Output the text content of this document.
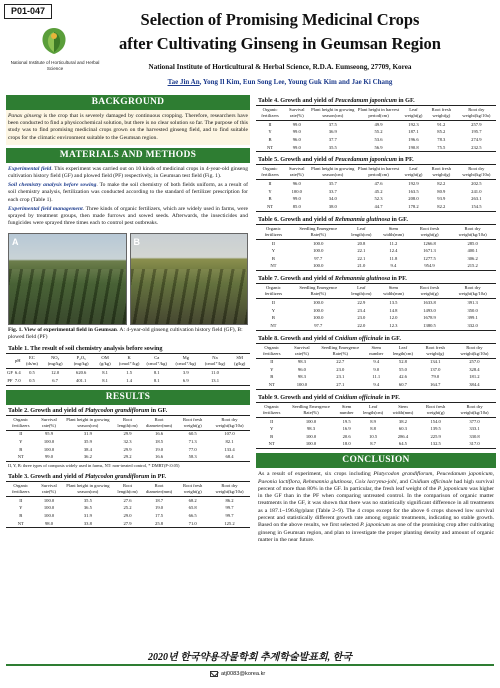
P01-047
National Institute of Horticultural and Herbal Science
Selection of Promising Medicinal Crops
after Cultivating Ginseng in Geumsan Region
National Institute of Horticultural & Herbal Science, R.D.A. Eumseong, 27709, Korea
Tae Jin An, Yong Il Kim, Eun Song Lee, Young Guk Kim and Jae Ki Chang
BACKGROUND
Panax ginseng is the crop that is severely damaged by continuous cropping. Therefore, researchers have been conducted to find a physicochemical solution, but there is no clear solution so far. The purpose of this study was to find promising medicinal crops grown on the harvested ginseng field, and to find suitable crops for the climatic environment suitable to the Geumsan region.
MATERIALS AND METHODS

Experimental field. This experiment was carried out on 10 kinds of medicinal crops in 4-year-old ginseng cultivation history field (GF) and plowed field (PF) respectively, in Geumsan test field (Fig. 1).

Soil chemistry analysis before sowing. To make the soil chemistry of both fields uniform, as a result of soil chemistry analysis, fertilization was conducted according to the standard of fertilizer prescription for each crop (Table 1).

Experimental field management. Three kinds of organic fertilizers, which are widely used in farms, were sprayed by treatment groups, then made furrows and sowed seeds. Afterwards, the insecticides and fungicides were sprayed three times each to control pest outbreaks.

A	B
Fig. 1. View of experimental field in Geumsan. A: 4-year-old ginseng cultivation history field (GF), B: plowed field (PF)
Table 1. The result of soil chemistry analysis before sowing
	pH	EC (ds/m)	NO₃ (mg/kg)	P₂O₅ (mg/kg)	OM (g/kg)	K (cmol⁺/kg)	Ca (cmol⁺/kg)	Mg (cmol⁺/kg)	Na (cmol⁺/kg)	SM (g/kg)
GF	6.4	0.5	12.0	620.6	8.1	1.5	8.1	3.9	11.0	
PF	7.0	0.5	6.7	401.1	8.1	1.4	8.1	6.9	13.1	
RESULTS
Table 2. Growth and yield of Platycodon grandiflorum in GF.
Organic fertilizers	Survival rate(%)	Plant height in growing season(cm)	Root length(cm)	Root diameter(mm)	Root fresh weight(g)	Root dry weight(kg/10a)
II	95.9	31.9	29.9	16.6	60.5	107.0
Y	100.0	35.9	32.3	18.5	71.3	82.1
B	100.0	38.4	29.9	19.0	77.0	133.4
NT	99.0	36.2	29.2	16.6	58.3	68.4
II, Y, B: three types of composts widely used in farms, NT: non-treated control, * DMRT(P<0.05)
Table 3. Growth and yield of Platycodon grandiflorum in PF.
Organic fertilizers	Survival rate(%)	Plant height in growing season(cm)	Root length(cm)	Root diameter(mm)	Root fresh weight(g)	Root dry weight(kg/10a)
II	100.0	35.5	27.6	18.7	68.2	86.2
Y	100.0	36.5	25.2	19.0	65.8	99.7
B	100.0	31.9	29.0	17.5	66.5	99.7
NT	98.0	33.8	27.9	25.8	71.0	125.2
Table 4. Growth and yield of Peucedanum japonicum in GF.
Organic fertilizers	Survival rate(%)	Plant height in growing season(cm)	Plant height in harvest period(cm)	Leaf weight(g)	Root fresh weight(g)	Root dry weight(kg/10a)
II	99.0	37.5	49.9	192.3	91.2	257.9
Y	99.0	36.9	55.2	187.1	85.2	195.7
B	96.0	37.7	53.6	196.6	78.3	274.9
NT	99.0	35.5	56.9	190.8	75.5	232.5
Table 5. Growth and yield of Peucedanum japonicum in PF.
Organic fertilizers	Survival rate(%)	Plant height in growing season(cm)	Plant height in harvest period(cm)	Leaf weight(g)	Root fresh weight(g)	Root dry weight(kg/10a)
II	96.0	35.7	47.6	192.9	82.2	202.5
Y	100.0	33.7	45.2	163.5	80.9	241.0
B	99.0	34.0	52.3	208.0	93.9	263.1
NT	85.0	38.0	44.7	178.2	82.2	154.5
Table 6. Growth and yield of Rehmannia glutinosa in GF.
Organic fertilizers	Seedling Emergence Rate(%)	Leaf length(cm)	Stem width(mm)	Root fresh weight(g)	Root dry weight(kg/10a)
II	100.0	20.8	11.2	1266.8	285.0
Y	100.0	22.1	12.4	1671.3	400.1
B	97.7	22.1	11.8	1277.5	306.2
NT	100.0	21.0	9.4	954.9	215.2
Table 7. Growth and yield of Rehmannia glutinosa in PF.
Organic fertilizers	Seedling Emergence Rate(%)	Leaf length(cm)	Stem width(mm)	Root fresh weight(g)	Root dry weight(kg/10a)
II	100.0	22.9	13.5	1633.8	391.3
Y	100.0	23.4	14.8	1493.0	350.0
B	100.0	23.0	12.0	1678.9	399.1
NT	97.7	22.0	12.3	1380.5	332.0
Table 8. Growth and yield of Cnidium officinale in GF.
Organic fertilizers	Survival rate(%)	Seedling Emergence Rate(%)	Stem number	Leaf length(cm)	Root fresh weight(g)	Root dry weight(kg/10a)
II	98.3	22.7	9.4	52.8	134.1	257.0
Y	96.0	23.0	9.0	55.0	137.0	328.4
B	98.3	23.1	11.1	42.6	79.0	181.2
NT	100.0	27.1	9.4	60.7	164.7	384.4
Table 9. Growth and yield of Cnidium officinale in PF.
Organic fertilizers	Seedling Emergence Rate(%)	Stem number	Leaf length(cm)	Stem width(mm)	Root fresh weight(g)	Root dry weight(kg/10a)
II	100.0	19.5	8.9	38.2	154.0	377.0
Y	98.3	16.9	8.8	60.3	139.5	333.1
B	100.0	20.6	10.5	286.4	225.9	330.8
NT	100.0	18.0	8.7	64.5	132.5	317.0
CONCLUSION
As a result of experiment, six crops including Platycodon grandiflorum, Peucedanum japonicum, Paeonia lactiflora, Rehmannia glutinosa, Coix lacryma-jobi, and Cnidium officinale had high survival percent of more than 80% in the GF. In particular, the fresh leaf weight of the P. japonicum was higher in the GF than in the PF when comparing untreated control. In the comparison of organic matter treatments in the GF, it was shown that there was no statistically significant difference in all treatments as a 187.1~196.8g/plant (Table 2~9). The 4 crops except for the above 6 crops showed low survival percent and statistically different growth rate among organic treatments, indicating no stable growth. Based on the above results, we first selected P. japonicum as one of the promising crop after cultivating ginseng in Geumsan region, and plan to investigate the proper planting density and amount of organic matter in the near future.
2020년 한국약용작물학회 추계학술발표회, 한국
atj0083@korea.kr
